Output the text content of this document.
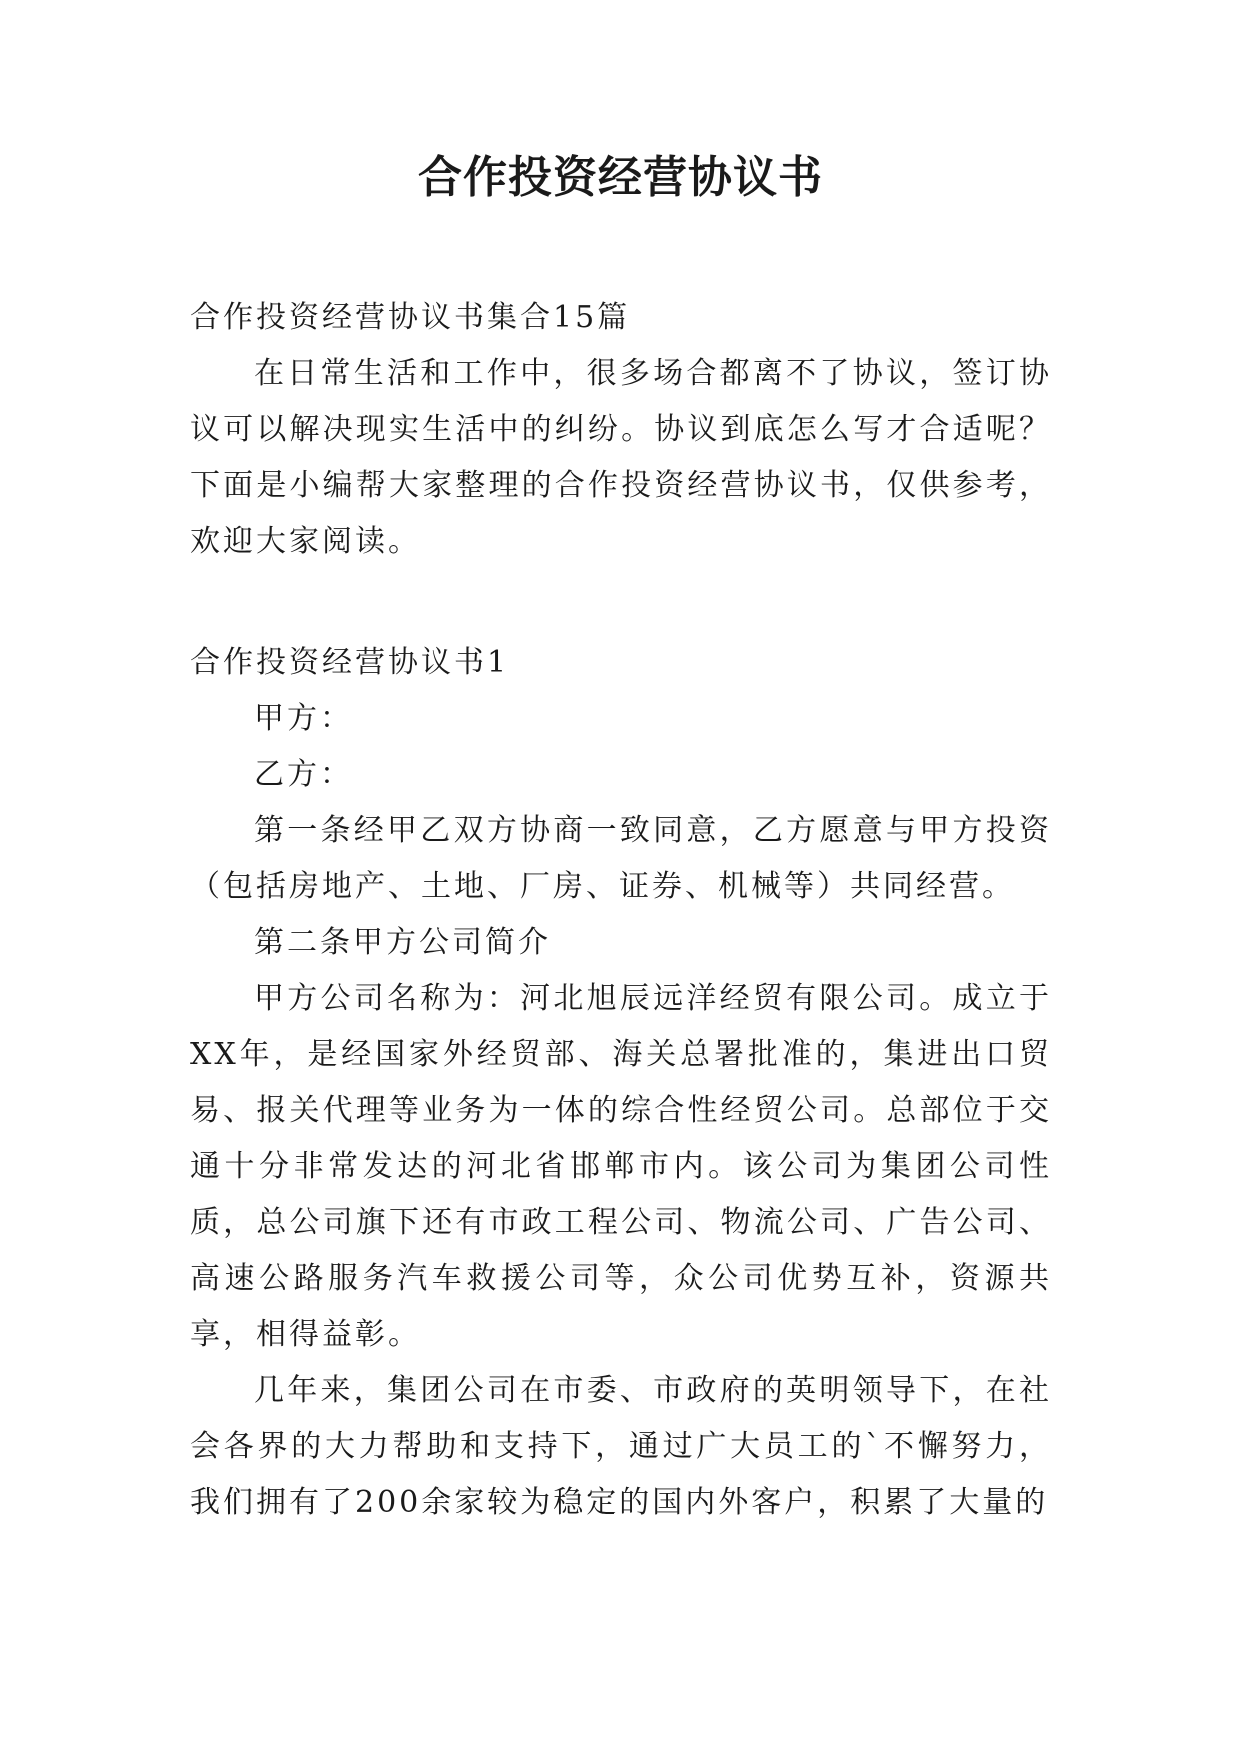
合作投资经营协议书

合作投资经营协议书集合15篇

在日常生活和工作中，很多场合都离不了协议，签订协议可以解决现实生活中的纠纷。协议到底怎么写才合适呢？下面是小编帮大家整理的合作投资经营协议书，仅供参考，欢迎大家阅读。

合作投资经营协议书1

甲方：

乙方：

第一条经甲乙双方协商一致同意，乙方愿意与甲方投资（包括房地产、土地、厂房、证券、机械等）共同经营。

第二条甲方公司简介

甲方公司名称为：河北旭辰远洋经贸有限公司。成立于XX年，是经国家外经贸部、海关总署批准的，集进出口贸易、报关代理等业务为一体的综合性经贸公司。总部位于交通十分非常发达的河北省邯郸市内。该公司为集团公司性质，总公司旗下还有市政工程公司、物流公司、广告公司、高速公路服务汽车救援公司等，众公司优势互补，资源共享，相得益彰。

几年来，集团公司在市委、市政府的英明领导下，在社会各界的大力帮助和支持下，通过广大员工的`不懈努力，我们拥有了200余家较为稳定的国内外客户，积累了大量的
